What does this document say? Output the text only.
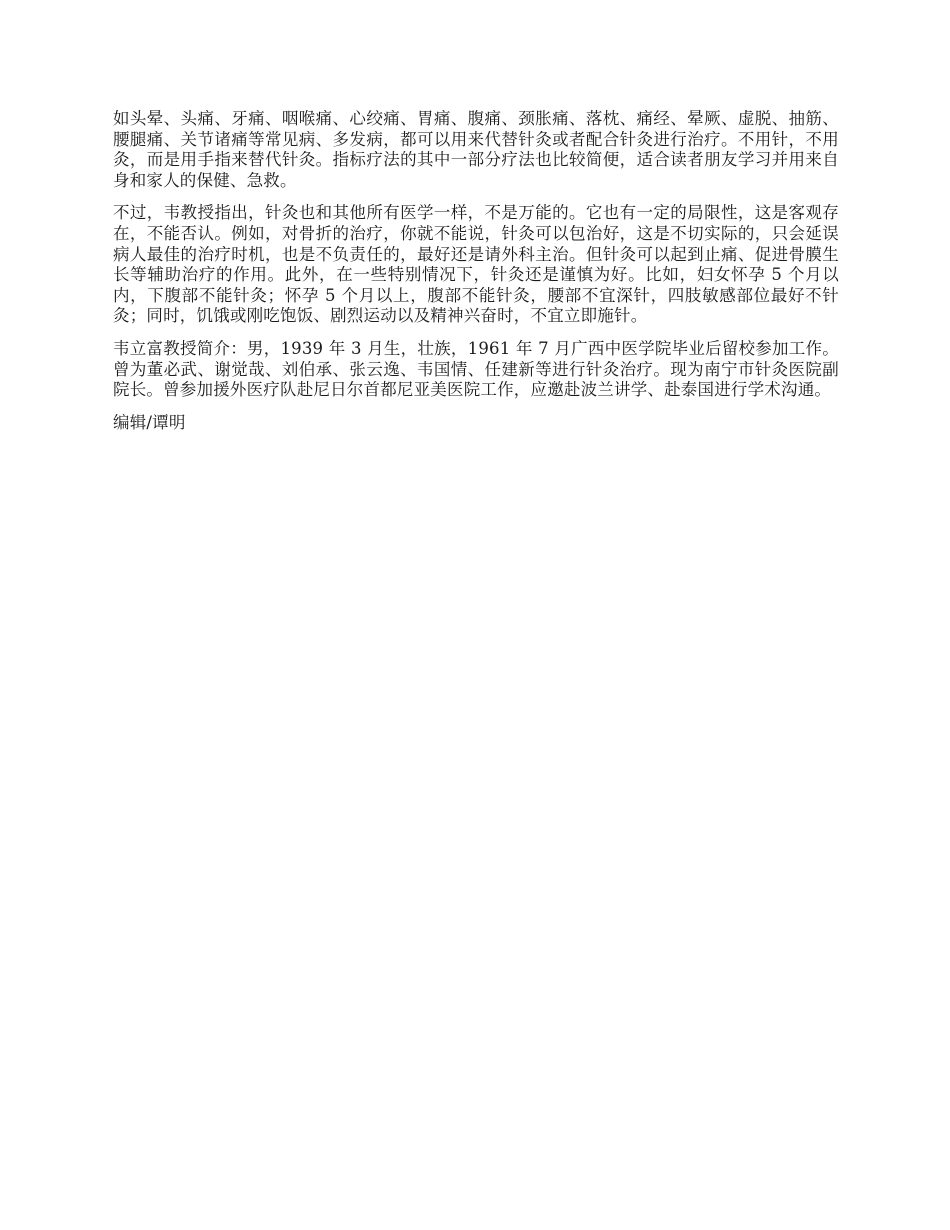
如头晕、头痛、牙痛、咽喉痛、心绞痛、胃痛、腹痛、颈胀痛、落枕、痛经、晕厥、虚脱、抽筋、腰腿痛、关节诸痛等常见病、多发病，都可以用来代替针灸或者配合针灸进行治疗。不用针，不用灸，而是用手指来替代针灸。指标疗法的其中一部分疗法也比较简便，适合读者朋友学习并用来自身和家人的保健、急救。

不过，韦教授指出，针灸也和其他所有医学一样，不是万能的。它也有一定的局限性，这是客观存在，不能否认。例如，对骨折的治疗，你就不能说，针灸可以包治好，这是不切实际的，只会延误病人最佳的治疗时机，也是不负责任的，最好还是请外科主治。但针灸可以起到止痛、促进骨膜生长等辅助治疗的作用。此外，在一些特别情况下，针灸还是谨慎为好。比如，妇女怀孕 5 个月以内，下腹部不能针灸；怀孕 5 个月以上，腹部不能针灸，腰部不宜深针，四肢敏感部位最好不针灸；同时，饥饿或刚吃饱饭、剧烈运动以及精神兴奋时，不宜立即施针。

韦立富教授简介：男，1939 年 3 月生，壮族，1961 年 7 月广西中医学院毕业后留校参加工作。曾为董必武、谢觉哉、刘伯承、张云逸、韦国情、任建新等进行针灸治疗。现为南宁市针灸医院副院长。曾参加援外医疗队赴尼日尔首都尼亚美医院工作，应邀赴波兰讲学、赴泰国进行学术沟通。

编辑/谭明
